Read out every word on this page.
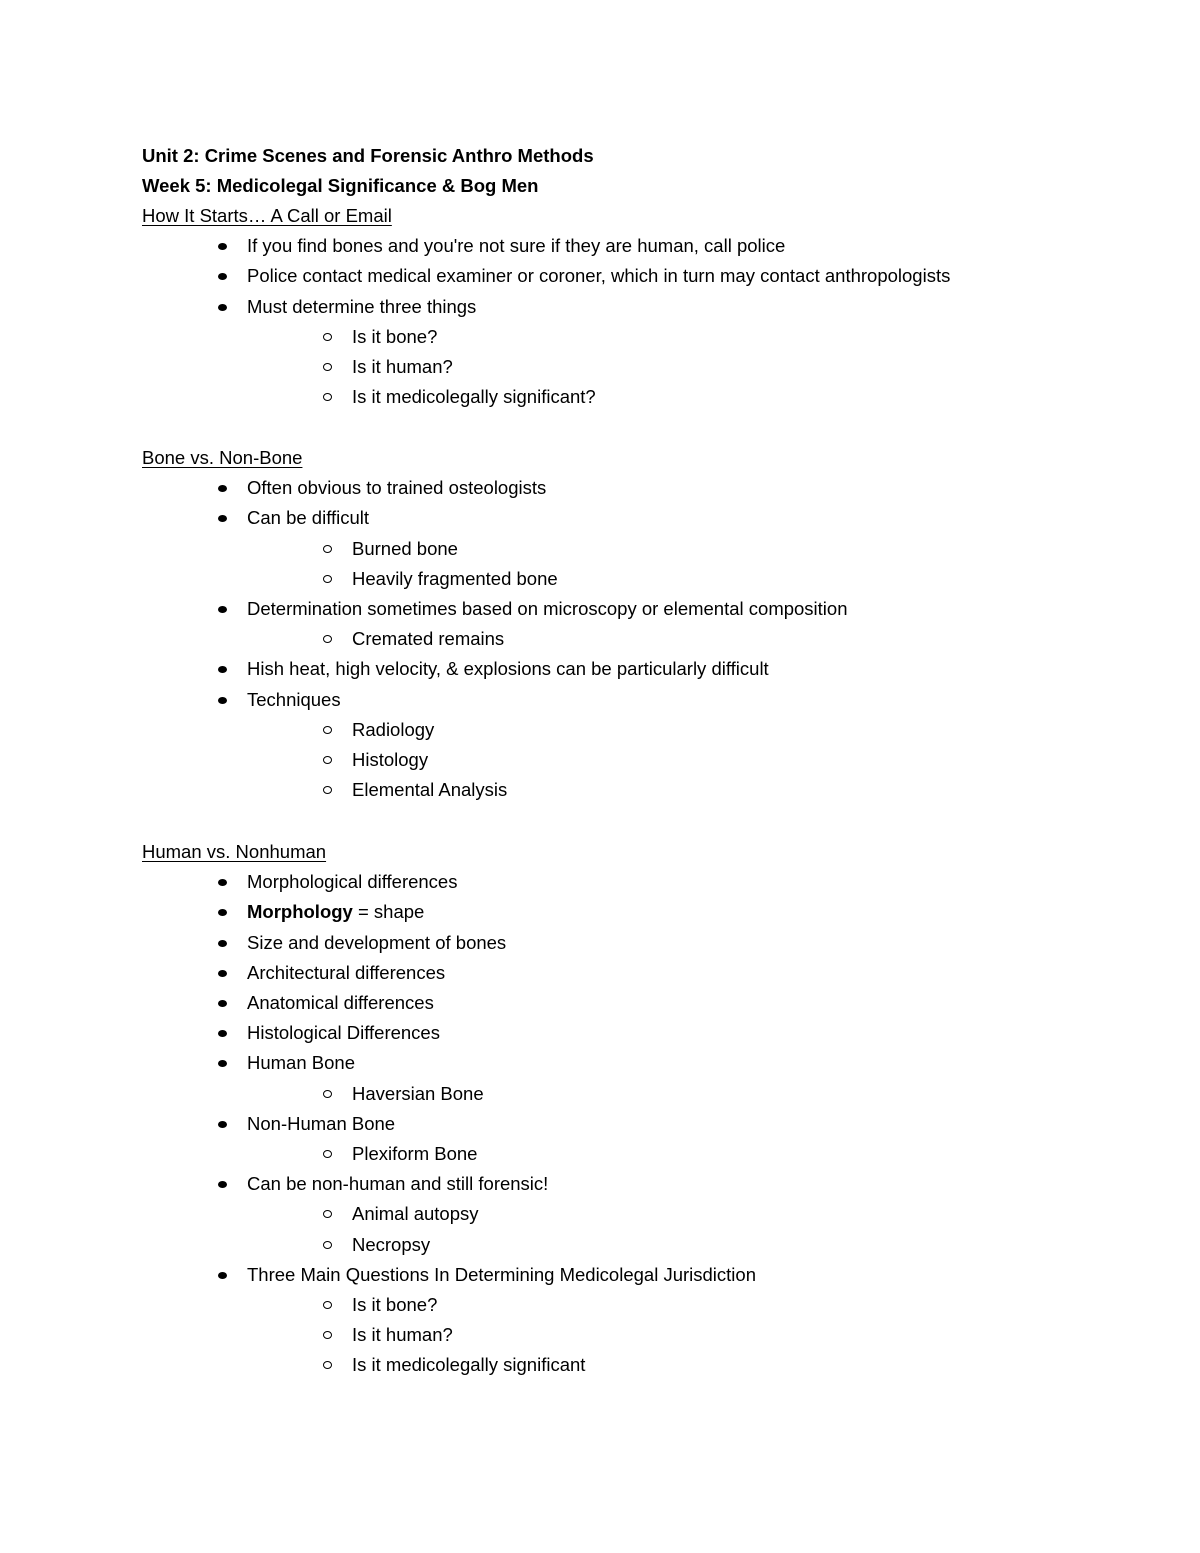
Unit 2: Crime Scenes and Forensic Anthro Methods
Week 5: Medicolegal Significance & Bog Men
How It Starts… A Call or Email
If you find bones and you're not sure if they are human, call police
Police contact medical examiner or coroner, which in turn may contact anthropologists
Must determine three things
Is it bone?
Is it human?
Is it medicolegally significant?
Bone vs. Non-Bone
Often obvious to trained osteologists
Can be difficult
Burned bone
Heavily fragmented bone
Determination sometimes based on microscopy or elemental composition
Cremated remains
Hish heat, high velocity, & explosions can be particularly difficult
Techniques
Radiology
Histology
Elemental Analysis
Human vs. Nonhuman
Morphological differences
Morphology = shape
Size and development of bones
Architectural differences
Anatomical differences
Histological Differences
Human Bone
Haversian Bone
Non-Human Bone
Plexiform Bone
Can be non-human and still forensic!
Animal autopsy
Necropsy
Three Main Questions In Determining Medicolegal Jurisdiction
Is it bone?
Is it human?
Is it medicolegally significant
